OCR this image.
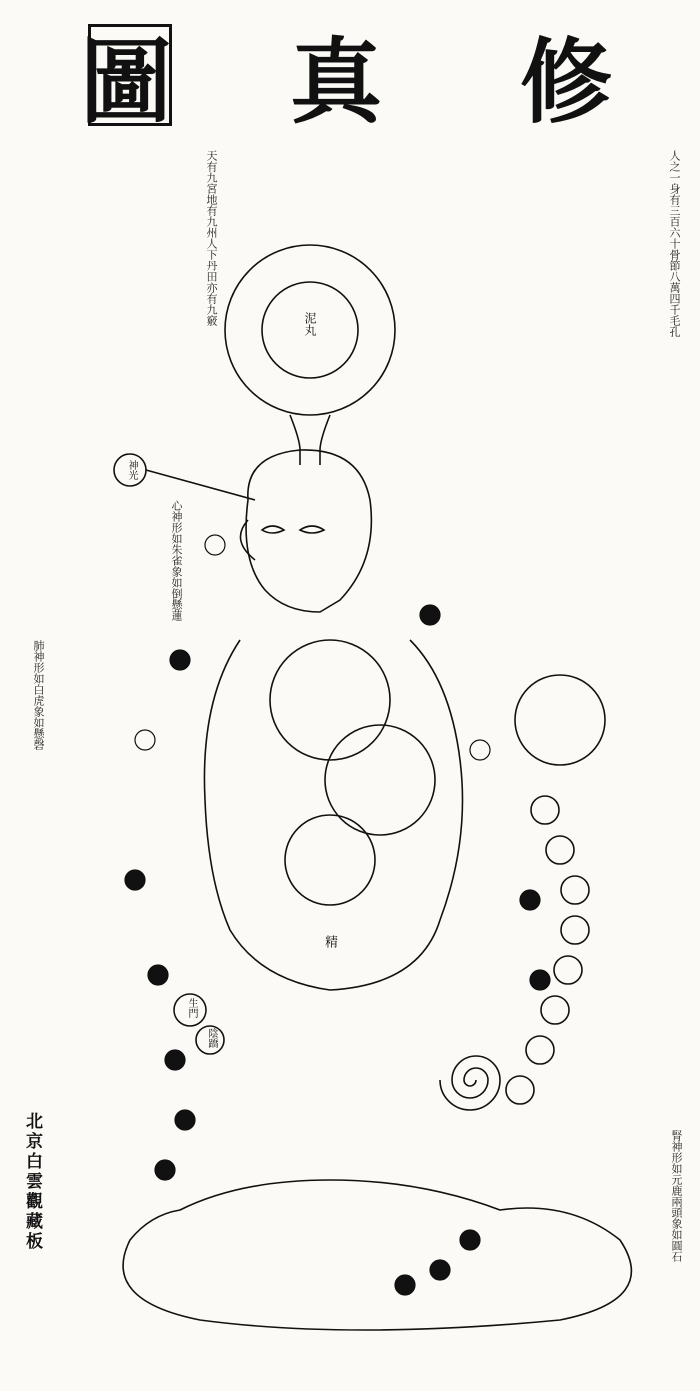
圖 真 修
人之一身有三百六十骨節八萬四千毛孔
天有九宮地有九州人下丹田亦有九竅
心神形如朱雀象如倒懸蓮
肺神形如白虎象如懸磬
腎神形如元鹿兩頭象如圓石
神光
生門
陰蹻
泥丸
精
北京白雲觀藏板
